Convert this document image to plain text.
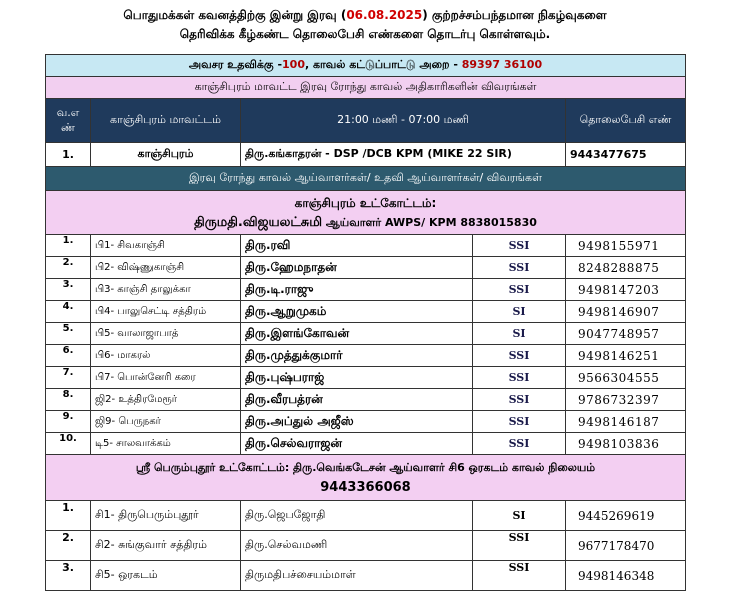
பொதுமக்கள் கவனத்திற்கு இன்று இரவு (06.08.2025) குற்றச்சம்பந்தமான நிகழ்வுகளை
தெரிவிக்க கீழ்கண்ட தொலைபேசி எண்களை தொடர்பு கொள்ளவும்.
அவசர உதவிக்கு -100, காவல் கட்டுப்பாட்டு அறை - 89397 36100				
காஞ்சிபுரம் மாவட்ட இரவு ரோந்து காவல் அதிகாரிகளின் விவரங்கள்				
வ.எ ண்	காஞ்சிபுரம் மாவட்டம்	21:00 மணி - 07:00 மணி		தொலைபேசி எண்
1.	காஞ்சிபுரம்	திரு.கங்காதரன் - DSP /DCB KPM (MIKE 22 SIR)		9443477675
இரவு ரோந்து காவல் ஆய்வாளர்கள்/ உதவி ஆய்வாளர்கள்/ விவரங்கள்				

காஞ்சிபுரம் உட்கோட்டம்:
திருமதி.விஜயலட்சுமி ஆய்வாளர் AWPS/ KPM 8838015830				

1.	பி1- சிவகாஞ்சி	திரு.ரவி	SSI	9498155971
2.	பி2- விஷ்ணுகாஞ்சி	திரு.ஹேமநாதன்	SSI	8248288875
3.	பி3- காஞ்சி தாலுக்கா	திரு.டி.ராஜு	SSI	9498147203
4.	பி4- பாலுசெட்டி சத்திரம்	திரு.ஆறுமுகம்	SI	9498146907
5.	பி5- வாலாஜாபாத்	திரு.இளங்கோவன்	SI	9047748957
6.	பி6- மாகரல்	திரு.முத்துக்குமார்	SSI	9498146251
7.	பி7- பொன்னேரி கரை	திரு.புஷ்பராஜ்	SSI	9566304555
8.	ஜி2- உத்திரமேரூர்	திரு.வீரபத்ரன்	SSI	9786732397
9.	ஜி9- பெருநகர்	திரு.அப்துல் அஜீஸ்	SSI	9498146187
10.	டி5- சாலவாக்கம்	திரு.செல்வராஜன்	SSI	9498103836

ஸ்ரீ பெரும்புதூர் உட்கோட்டம்: திரு.வெங்கடேசன் ஆய்வாளர் சி6 ஒரகடம் காவல் நிலையம்
9443366068				

1.	சி1- திருபெரும்புதூர்	திரு.ஜெபஜோதி	SI	9445269619
2.	சி2- சுங்குவார் சத்திரம்	திரு.செல்வமணி	SSI	9677178470
3.	சி5- ஒரகடம்	திருமதிபச்சையம்மாள்	SSI	9498146348
